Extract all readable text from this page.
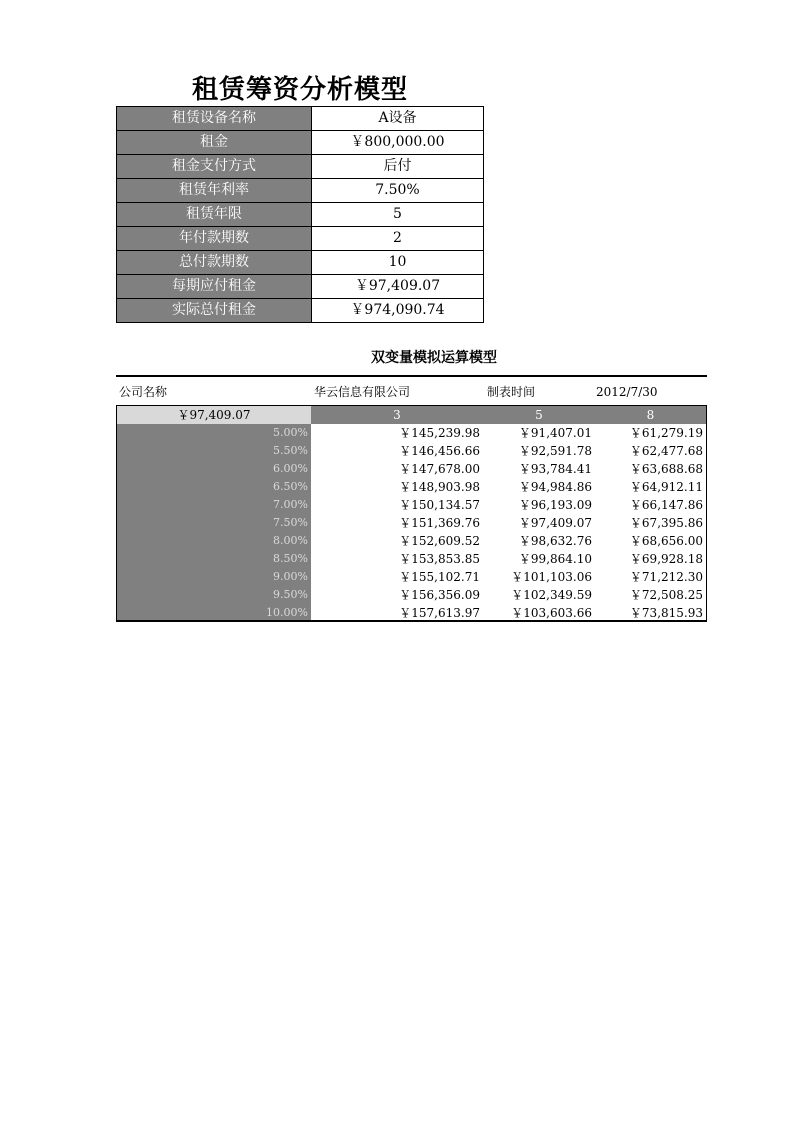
租赁筹资分析模型
租赁设备名称	A设备
租金	￥800,000.00
租金支付方式	后付
租赁年利率	7.50%
租赁年限	5
年付款期数	2
总付款期数	10
每期应付租金	￥97,409.07
实际总付租金	￥974,090.74
双变量模拟运算模型
公司名称	华云信息有限公司	制表时间	2012/7/30
￥97,409.07	3	5	8
5.00%	￥145,239.98	￥91,407.01	￥61,279.19
5.50%	￥146,456.66	￥92,591.78	￥62,477.68
6.00%	￥147,678.00	￥93,784.41	￥63,688.68
6.50%	￥148,903.98	￥94,984.86	￥64,912.11
7.00%	￥150,134.57	￥96,193.09	￥66,147.86
7.50%	￥151,369.76	￥97,409.07	￥67,395.86
8.00%	￥152,609.52	￥98,632.76	￥68,656.00
8.50%	￥153,853.85	￥99,864.10	￥69,928.18
9.00%	￥155,102.71	￥101,103.06	￥71,212.30
9.50%	￥156,356.09	￥102,349.59	￥72,508.25
10.00%	￥157,613.97	￥103,603.66	￥73,815.93
